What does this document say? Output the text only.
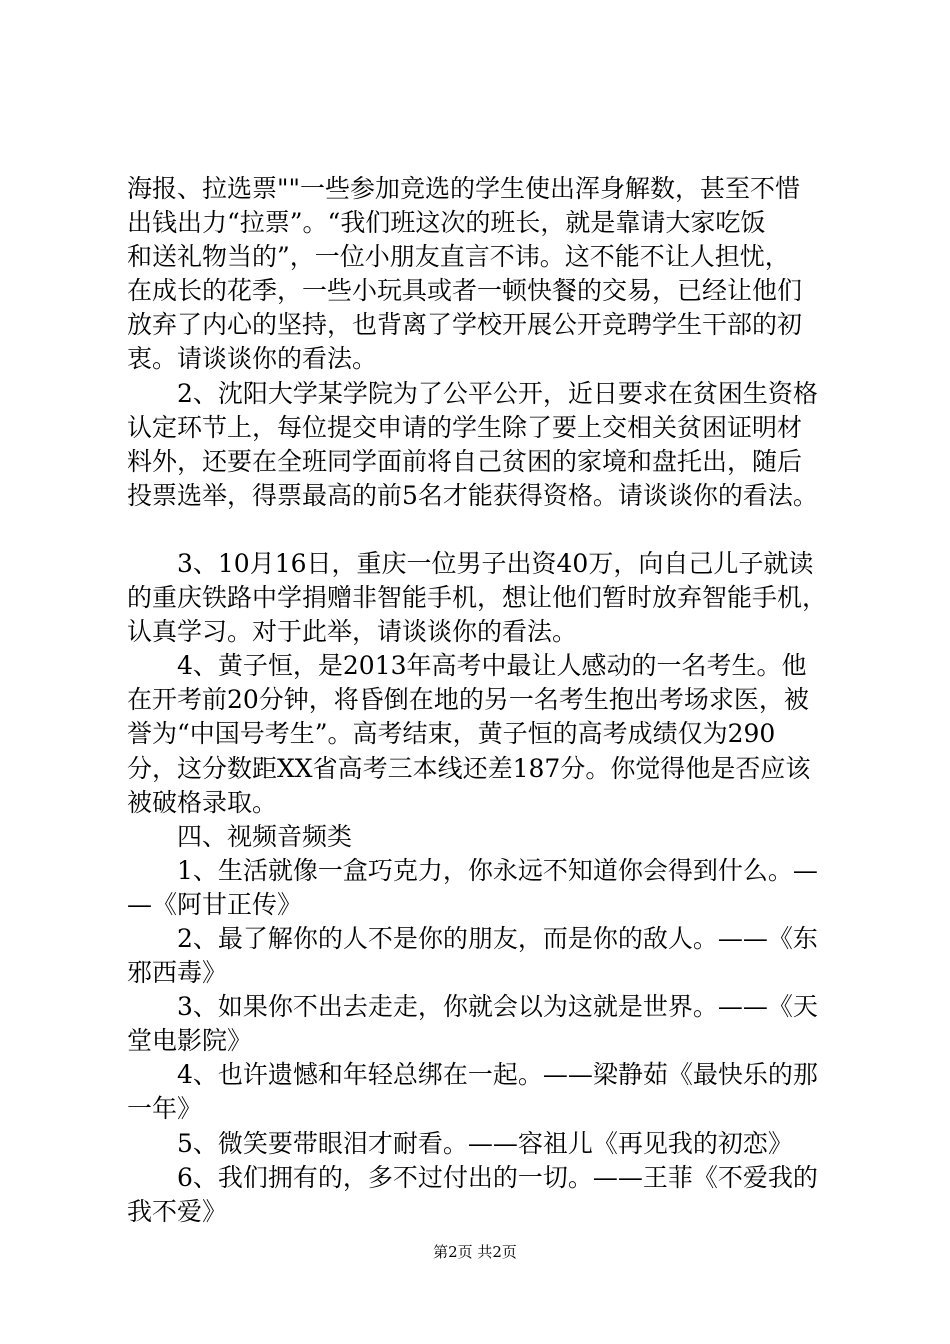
海报、拉选票""一些参加竞选的学生使出浑身解数，甚至不惜
出钱出力“拉票”。“我们班这次的班长，就是靠请大家吃饭
和送礼物当的”，一位小朋友直言不讳。这不能不让人担忧，
在成长的花季，一些小玩具或者一顿快餐的交易，已经让他们
放弃了内心的坚持，也背离了学校开展公开竞聘学生干部的初
衷。请谈谈你的看法。
　　2、沈阳大学某学院为了公平公开，近日要求在贫困生资格
认定环节上，每位提交申请的学生除了要上交相关贫困证明材
料外，还要在全班同学面前将自己贫困的家境和盘托出，随后
投票选举，得票最高的前5名才能获得资格。请谈谈你的看法。
　　3、10月16日，重庆一位男子出资40万，向自己儿子就读
的重庆铁路中学捐赠非智能手机，想让他们暂时放弃智能手机，
认真学习。对于此举，请谈谈你的看法。
　　4、黄子恒，是2013年高考中最让人感动的一名考生。他
在开考前20分钟，将昏倒在地的另一名考生抱出考场求医，被
誉为“中国号考生”。高考结束，黄子恒的高考成绩仅为290
分，这分数距XX省高考三本线还差187分。你觉得他是否应该
被破格录取。
　　四、视频音频类
　　1、生活就像一盒巧克力，你永远不知道你会得到什么。—
—《阿甘正传》
　　2、最了解你的人不是你的朋友，而是你的敌人。——《东
邪西毒》
　　3、如果你不出去走走，你就会以为这就是世界。——《天
堂电影院》
　　4、也许遗憾和年轻总绑在一起。——梁静茹《最快乐的那
一年》
　　5、微笑要带眼泪才耐看。——容祖儿《再见我的初恋》
　　6、我们拥有的，多不过付出的一切。——王菲《不爱我的
我不爱》
第2页 共2页
